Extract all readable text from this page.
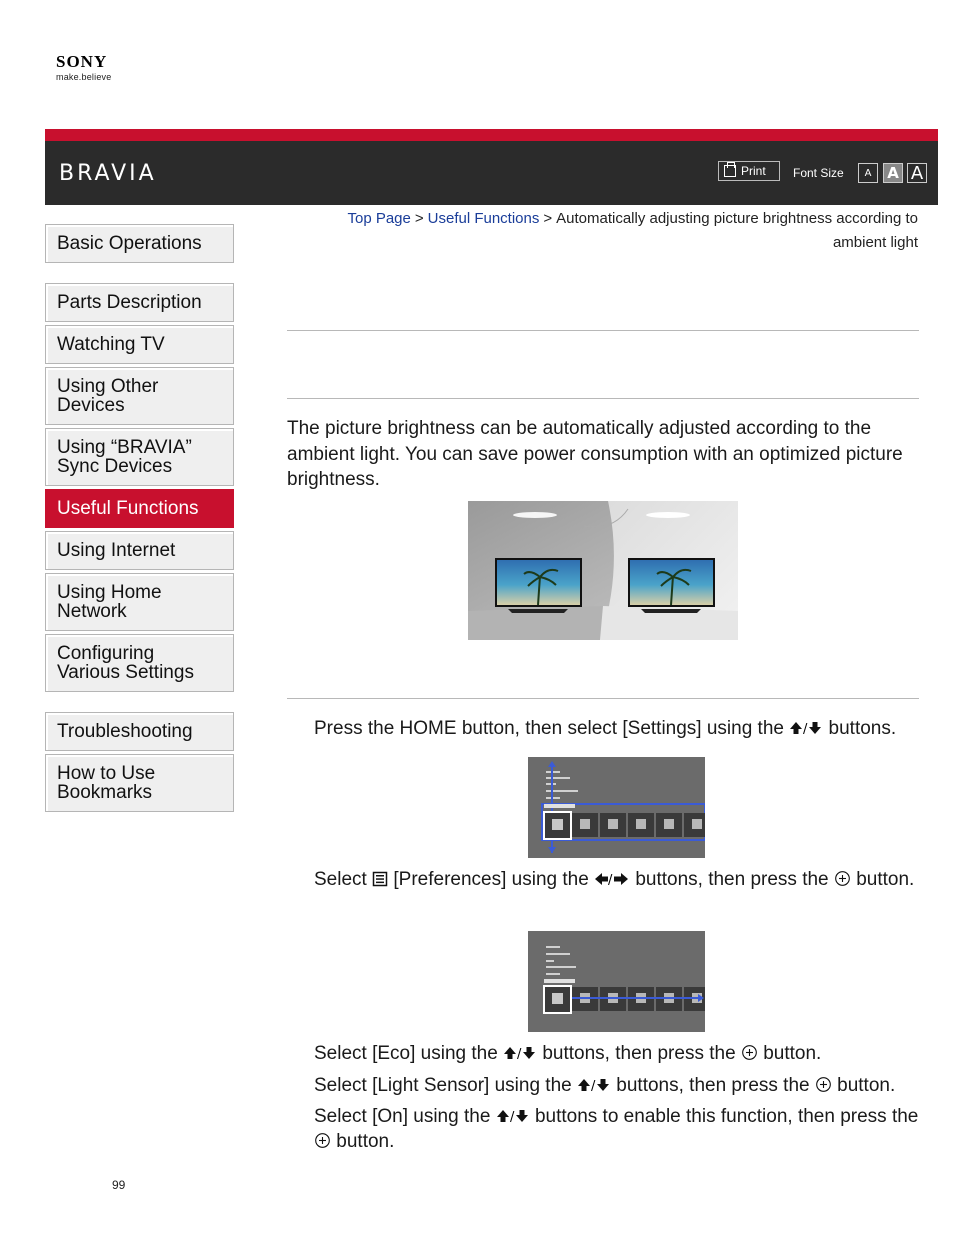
SONY
make.believe
BRAVIA	Print Font Size	A	A A
Basic Operations
Parts Description
Watching TV
Using Other Devices
Using “BRAVIA” Sync Devices
Useful Functions
Using Internet
Using Home Network
Configuring Various Settings
Troubleshooting
How to Use Bookmarks
Top Page > Useful Functions > Automatically adjusting picture brightness according to ambient light

The picture brightness can be automatically adjusted according to the ambient light. You can save power consumption with an optimized picture brightness.

Press the HOME button, then select [Settings] using the / buttons.
Select [Preferences] using the / buttons, then press the button.
Select [Eco] using the / buttons, then press the button.
Select [Light Sensor] using the / buttons, then press the button.
Select [On] using the / buttons to enable this function, then press the  button.
99
